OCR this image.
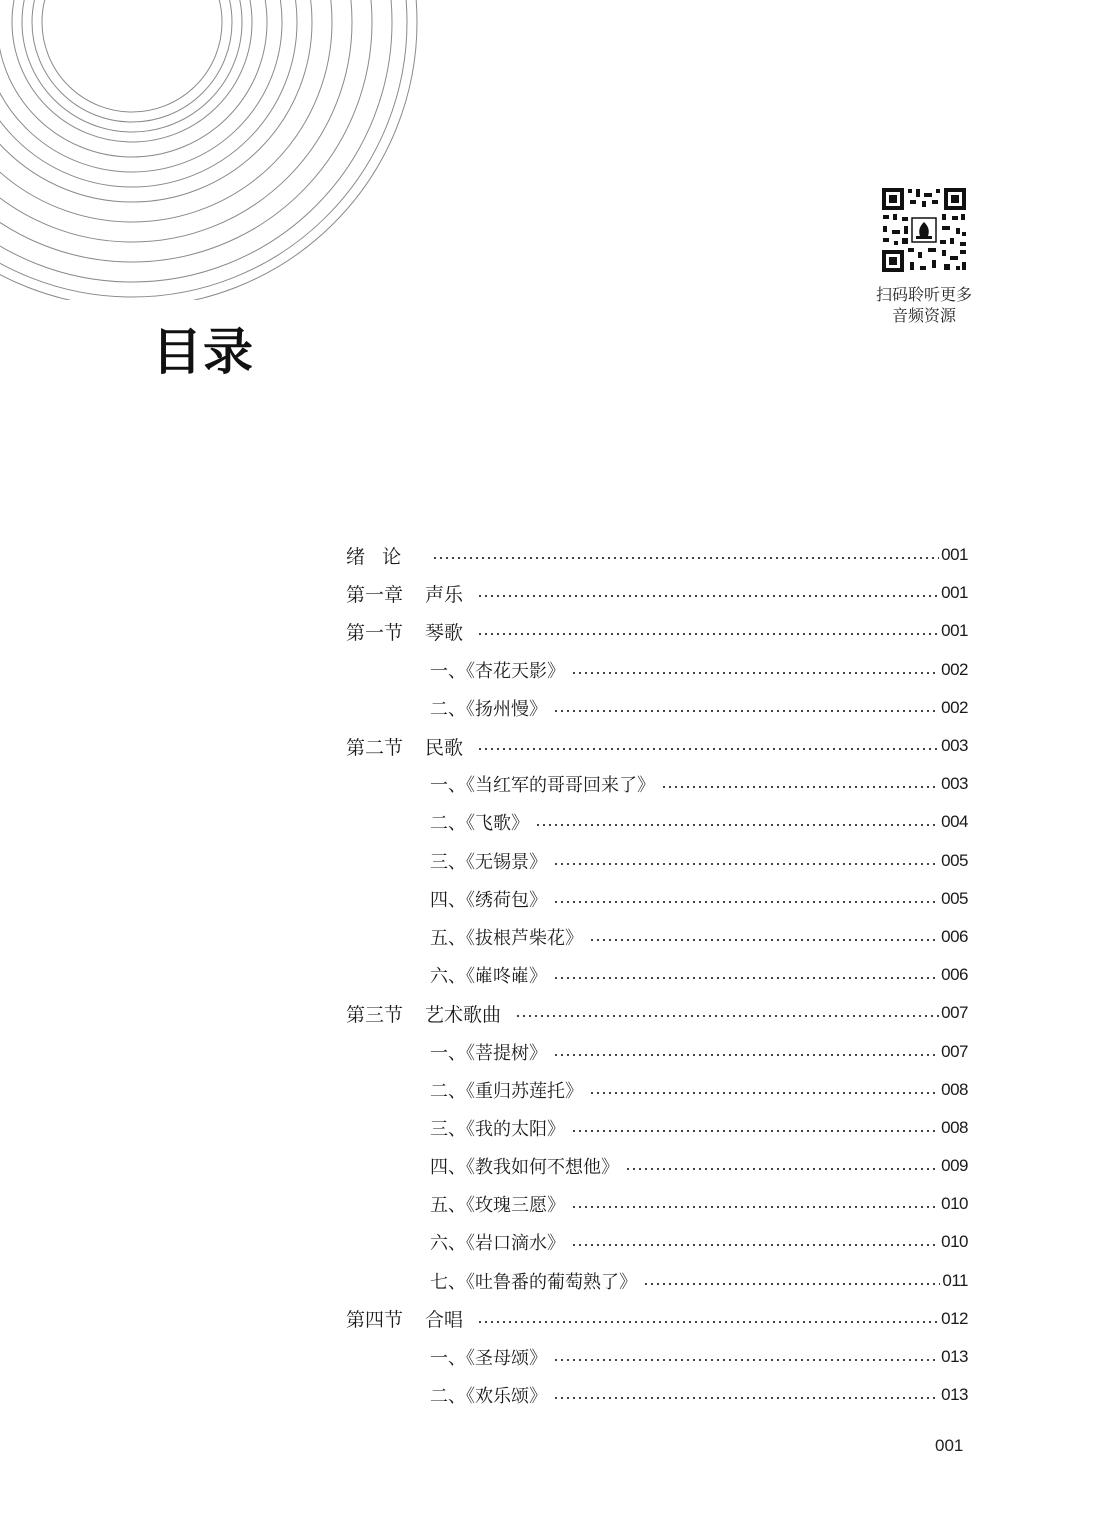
目录
扫码聆听更多
音频资源
绪论	001
第一章 声乐	001
第一节 琴歌	001
一、《杏花天影》	002
二、《扬州慢》	002
第二节 民歌	003
一、《当红军的哥哥回来了》	003
二、《飞歌》	004
三、《无锡景》	005
四、《绣荷包》	005
五、《拔根芦柴花》	006
六、《嶉咚嶉》	006
第三节 艺术歌曲	007
一、《菩提树》	007
二、《重归苏莲托》	008
三、《我的太阳》	008
四、《教我如何不想他》	009
五、《玫瑰三愿》	010
六、《岩口滴水》	010
七、《吐鲁番的葡萄熟了》	011
第四节 合唱	012
一、《圣母颂》	013
二、《欢乐颂》	013
001
